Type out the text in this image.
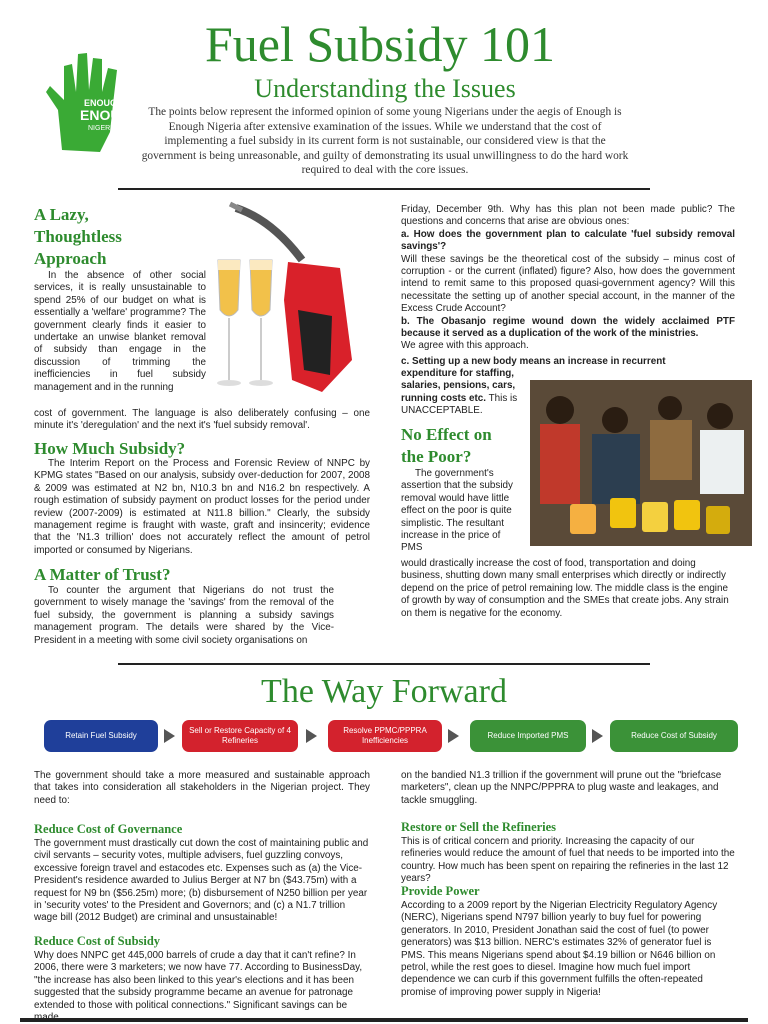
ENOUGH IS
ENOUGH
NIGERIA
Fuel Subsidy 101
Understanding the Issues
The points below represent the informed opinion of some young Nigerians under the aegis of Enough is Enough Nigeria after extensive examination of the issues. While we understand that the cost of implementing a fuel subsidy in its current form is not sustainable, our considered view is that the government is being unreasonable, and guilty of demonstrating its usual unwillingness to do the hard work required to deal with the core issues.
A Lazy,
Thoughtless
Approach

In the absence of other social services, it is really unsustainable to spend 25% of our budget on what is essentially a 'welfare' programme? The government clearly finds it easier to undertake an unwise blanket removal of subsidy than engage in the discussion of trimming the inefficiencies in fuel subsidy management and in the running

cost of government. The language is also deliberately confusing – one minute it's 'deregulation' and the next it's 'fuel subsidy removal'.

How Much Subsidy?

The Interim Report on the Process and Forensic Review of NNPC by KPMG states "Based on our analysis, subsidy over-deduction for 2007, 2008 & 2009 was estimated at N2 bn, N10.3 bn and N16.2 bn respectively. A rough estimation of subsidy payment on product losses for the period under review (2007-2009) is estimated at N11.8 billion." Clearly, the subsidy management regime is fraught with waste, graft and insincerity; evidence that the 'N1.3 trillion' does not accurately reflect the amount of petrol imported or consumed by Nigerians.

A Matter of Trust?

To counter the argument that Nigerians do not trust the government to wisely manage the 'savings' from the removal of the fuel subsidy, the government is planning a subsidy savings management program. The details were shared by the Vice-President in a meeting with some civil society organisations on

Friday, December 9th. Why has this plan not been made public? The questions and concerns that arise are obvious ones:

a. How does the government plan to calculate 'fuel subsidy removal savings'?

Will these savings be the theoretical cost of the subsidy – minus cost of corruption - or the current (inflated) figure? Also, how does the government intend to remit same to this proposed quasi-government agency? Will this necessitate the setting up of another special account, in the manner of the Excess Crude Account?

b. The Obasanjo regime wound down the widely acclaimed PTF because it served as a duplication of the work of the ministries.

We agree with this approach.

c. Setting up a new body means an increase in recurrent

expenditure for staffing,

salaries, pensions, cars,

running costs etc. This is

UNACCEPTABLE.

No Effect on
the Poor?

The government's assertion that the subsidy removal would have little effect on the poor is quite simplistic. The resultant increase in the price of PMS

would drastically increase the cost of food, transportation and doing business, shutting down many small enterprises which directly or indirectly depend on the price of petrol remaining low. The middle class is the engine of growth by way of consumption and the SMEs that create jobs. Any strain on them is negative for the economy.

The Way Forward
Retain Fuel Subsidy
Sell or Restore Capacity of 4 Refineries
Resolve PPMC/PPPRA Inefficiencies
Reduce Imported PMS	Reduce Cost of Subsidy

The government should take a more measured and sustainable approach that takes into consideration all stakeholders in the Nigerian project. They need to:

Reduce Cost of Governance

The government must drastically cut down the cost of maintaining public and civil servants – security votes, multiple advisers, fuel guzzling convoys, excessive foreign travel and estacodes etc. Expenses such as (a) the Vice-President's residence awarded to Julius Berger at N7 bn ($43.75m) with a request for N9 bn ($56.25m) more; (b) disbursement of N250 billion per year in 'security votes' to the President and Governors; and (c) a N1.7 trillion wage bill (2012 Budget) are criminal and unsustainable!

Reduce Cost of Subsidy

Why does NNPC get 445,000 barrels of crude a day that it can't refine? In 2006, there were 3 marketers; we now have 77. According to BusinessDay, "the increase has also been linked to this year's elections and it has been suggested that the subsidy programme became an avenue for patronage extended to those with political connections." Significant savings can be

on the bandied N1.3 trillion if the government will prune out the "briefcase marketers", clean up the NNPC/PPPRA to plug waste and leakages, and tackle smuggling.

Restore or Sell the Refineries

This is of critical concern and priority. Increasing the capacity of our refineries would reduce the amount of fuel that needs to be imported into the country. How much has been spent on repairing the refineries in the last 12 years?

Provide Power

According to a 2009 report by the Nigerian Electricity Regulatory Agency (NERC), Nigerians spend N797 billion yearly to buy fuel for powering generators. In 2010, President Jonathan said the cost of fuel (to power generators) was $13 billion. NERC's estimates 32% of generator fuel is PMS. This means Nigerians spend about $4.19 billion or N646 billion on petrol, while the rest goes to diesel. Imagine how much fuel import dependence we can curb if this government fulfills the often-repeated promise of improving power supply in Nigeria!
